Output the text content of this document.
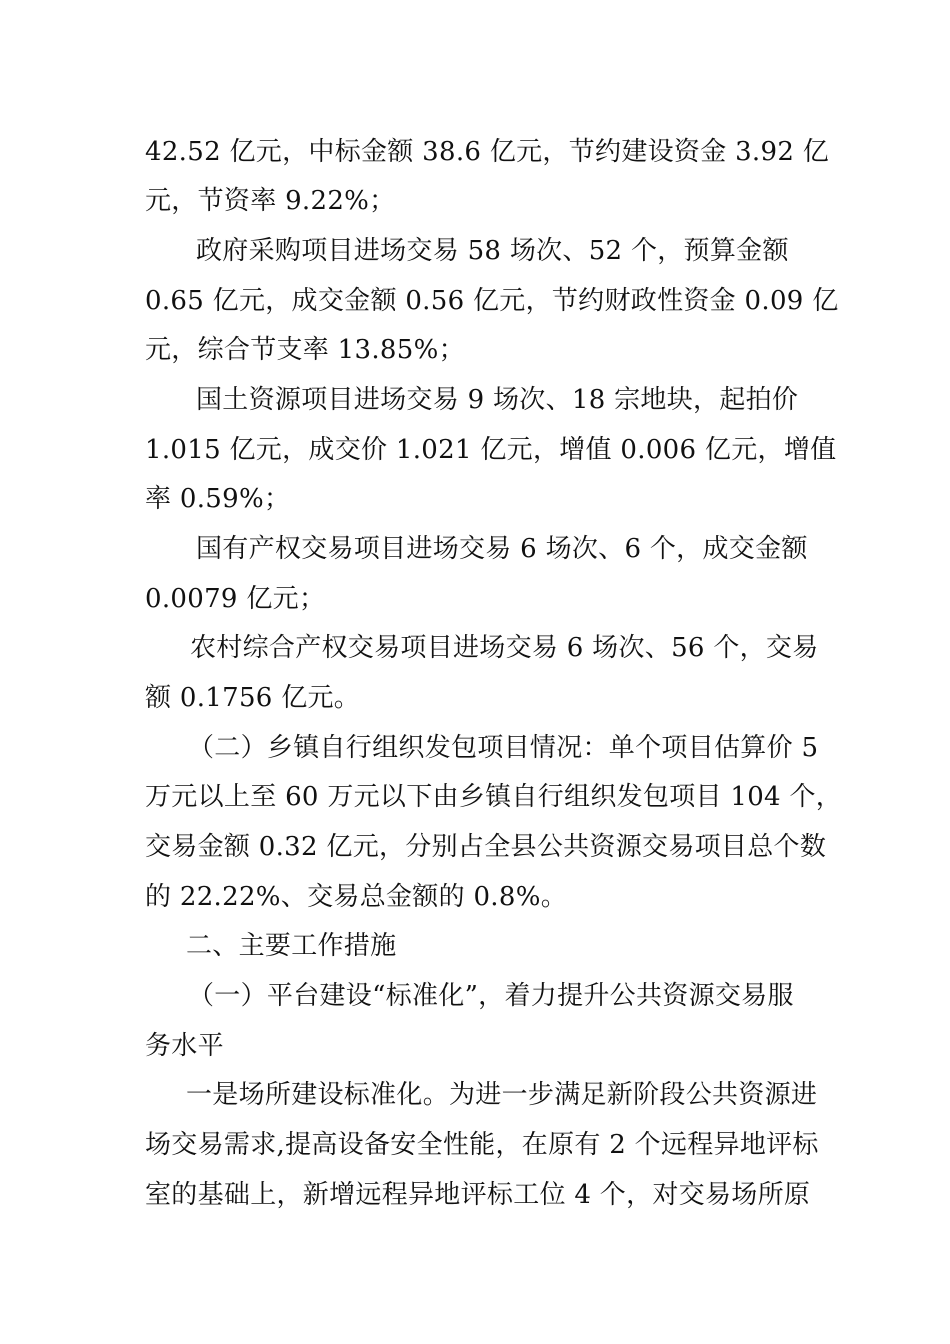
42.52 亿元，中标金额 38.6 亿元，节约建设资金 3.92 亿
元，节资率 9.22%；
政府采购项目进场交易 58 场次、52 个，预算金额
0.65 亿元，成交金额 0.56 亿元，节约财政性资金 0.09 亿
元，综合节支率 13.85%；
国土资源项目进场交易 9 场次、18 宗地块，起拍价
1.015 亿元，成交价 1.021 亿元，增值 0.006 亿元，增值
率 0.59%；
国有产权交易项目进场交易 6 场次、6 个，成交金额
0.0079 亿元；
农村综合产权交易项目进场交易 6 场次、56 个，交易
额 0.1756 亿元。
（二）乡镇自行组织发包项目情况：单个项目估算价 5
万元以上至 60 万元以下由乡镇自行组织发包项目 104 个，
交易金额 0.32 亿元，分别占全县公共资源交易项目总个数
的 22.22%、交易总金额的 0.8%。
二、主要工作措施
（一）平台建设“标准化”，着力提升公共资源交易服
务水平
一是场所建设标准化。为进一步满足新阶段公共资源进
场交易需求,提高设备安全性能，在原有 2 个远程异地评标
室的基础上，新增远程异地评标工位 4 个，对交易场所原
